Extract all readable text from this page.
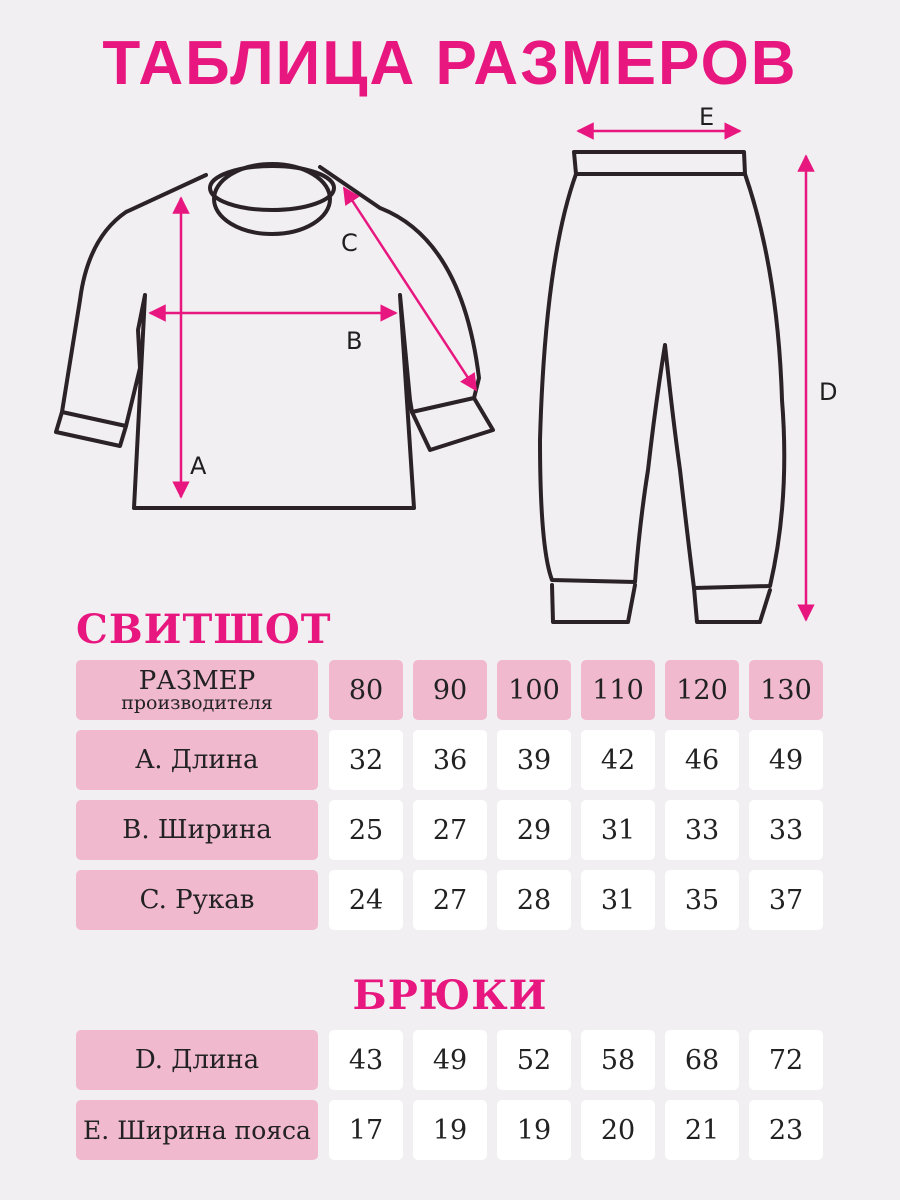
ТАБЛИЦА РАЗМЕРОВ
A
B
C
D
E
СВИТШОТ
РАЗМЕР
производителя	80	90	100	110	120	130
A. Длина	32	36	39	42	46	49
B. Ширина	25	27	29	31	33	33
C. Рукав	24	27	28	31	35	37
БРЮКИ
D. Длина	43	49	52	58	68	72
E. Ширина пояса	17	19	19	20	21	23
